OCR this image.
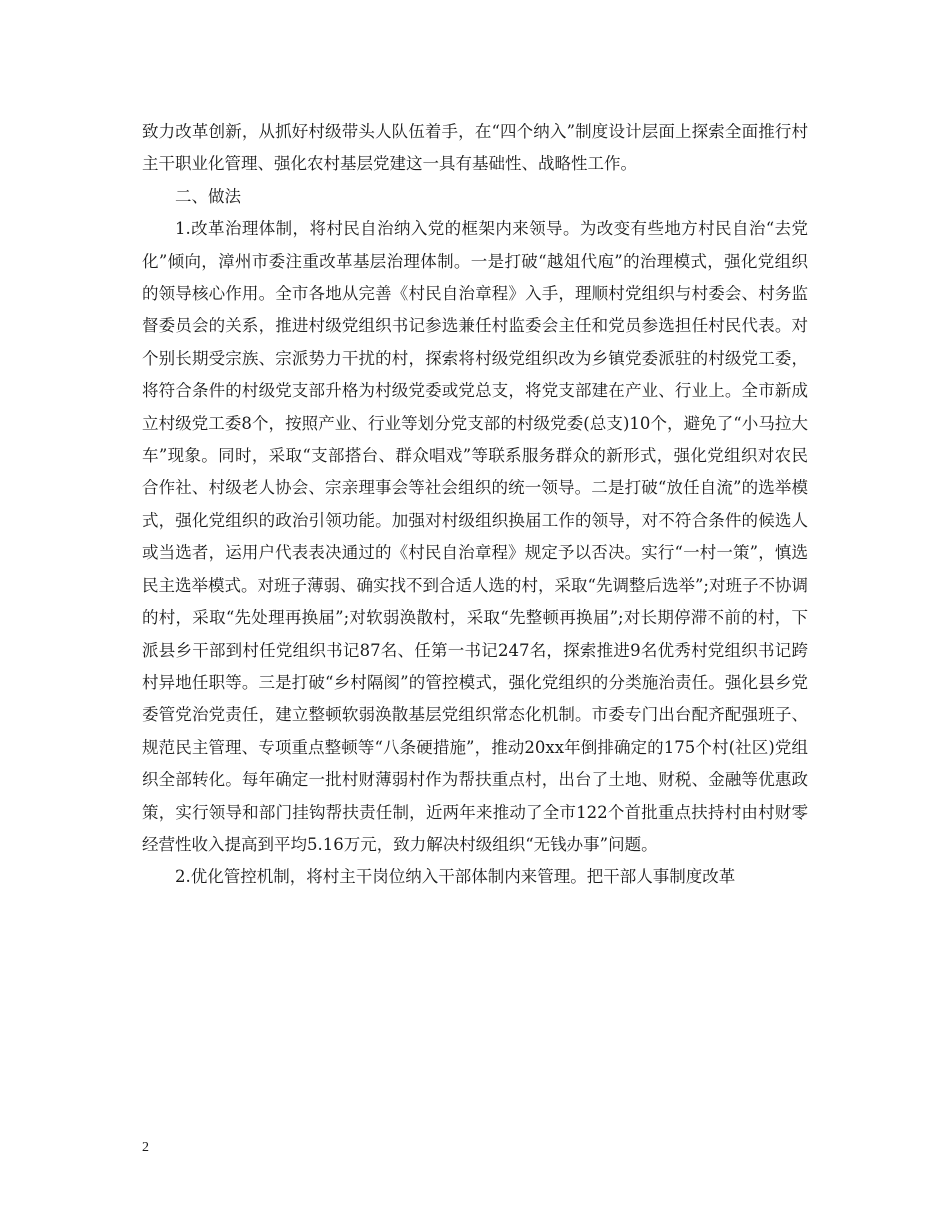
致力改革创新，从抓好村级带头人队伍着手，在“四个纳入”制度设计层面上探索全面推行村主干职业化管理、强化农村基层党建这一具有基础性、战略性工作。

二、做法

1.改革治理体制，将村民自治纳入党的框架内来领导。为改变有些地方村民自治“去党化”倾向，漳州市委注重改革基层治理体制。一是打破“越俎代庖”的治理模式，强化党组织的领导核心作用。全市各地从完善《村民自治章程》入手，理顺村党组织与村委会、村务监督委员会的关系，推进村级党组织书记参选兼任村监委会主任和党员参选担任村民代表。对个别长期受宗族、宗派势力干扰的村，探索将村级党组织改为乡镇党委派驻的村级党工委，将符合条件的村级党支部升格为村级党委或党总支，将党支部建在产业、行业上。全市新成立村级党工委8个，按照产业、行业等划分党支部的村级党委(总支)10个，避免了“小马拉大车”现象。同时，采取“支部搭台、群众唱戏”等联系服务群众的新形式，强化党组织对农民合作社、村级老人协会、宗亲理事会等社会组织的统一领导。二是打破“放任自流”的选举模式，强化党组织的政治引领功能。加强对村级组织换届工作的领导，对不符合条件的候选人或当选者，运用户代表表决通过的《村民自治章程》规定予以否决。实行“一村一策”，慎选民主选举模式。对班子薄弱、确实找不到合适人选的村，采取“先调整后选举”;对班子不协调的村，采取“先处理再换届”;对软弱涣散村，采取“先整顿再换届”;对长期停滞不前的村，下派县乡干部到村任党组织书记87名、任第一书记247名，探索推进9名优秀村党组织书记跨村异地任职等。三是打破“乡村隔阂”的管控模式，强化党组织的分类施治责任。强化县乡党委管党治党责任，建立整顿软弱涣散基层党组织常态化机制。市委专门出台配齐配强班子、规范民主管理、专项重点整顿等“八条硬措施”，推动20xx年倒排确定的175个村(社区)党组织全部转化。每年确定一批村财薄弱村作为帮扶重点村，出台了土地、财税、金融等优惠政策，实行领导和部门挂钩帮扶责任制，近两年来推动了全市122个首批重点扶持村由村财零经营性收入提高到平均5.16万元，致力解决村级组织“无钱办事”问题。

2.优化管控机制，将村主干岗位纳入干部体制内来管理。把干部人事制度改革

2
